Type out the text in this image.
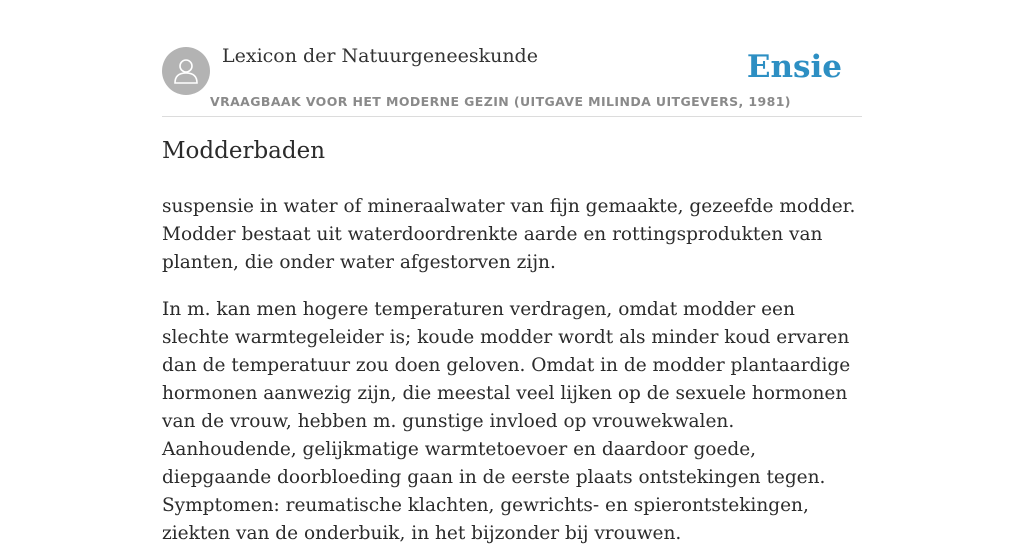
Lexicon der Natuurgeneeskunde
VRAAGBAAK VOOR HET MODERNE GEZIN (UITGAVE MILINDA UITGEVERS, 1981)
Ensie
Modderbaden

suspensie in water of mineraalwater van fijn gemaakte, gezeefde modder. Modder bestaat uit waterdoordrenkte aarde en rottingsprodukten van planten, die onder water afgestorven zijn.

In m. kan men hogere temperaturen verdragen, omdat modder een slechte warmtegeleider is; koude modder wordt als minder koud ervaren dan de temperatuur zou doen geloven. Omdat in de modder plantaardige hormonen aanwezig zijn, die meestal veel lijken op de sexuele hormonen van de vrouw, hebben m. gunstige invloed op vrouwekwalen. Aanhoudende, gelijkmatige warmtetoevoer en daardoor goede, diepgaande doorbloeding gaan in de eerste plaats ontstekingen tegen. Symptomen: reumatische klachten, gewrichts- en spierontstekingen, ziekten van de onderbuik, in het bijzonder bij vrouwen.
